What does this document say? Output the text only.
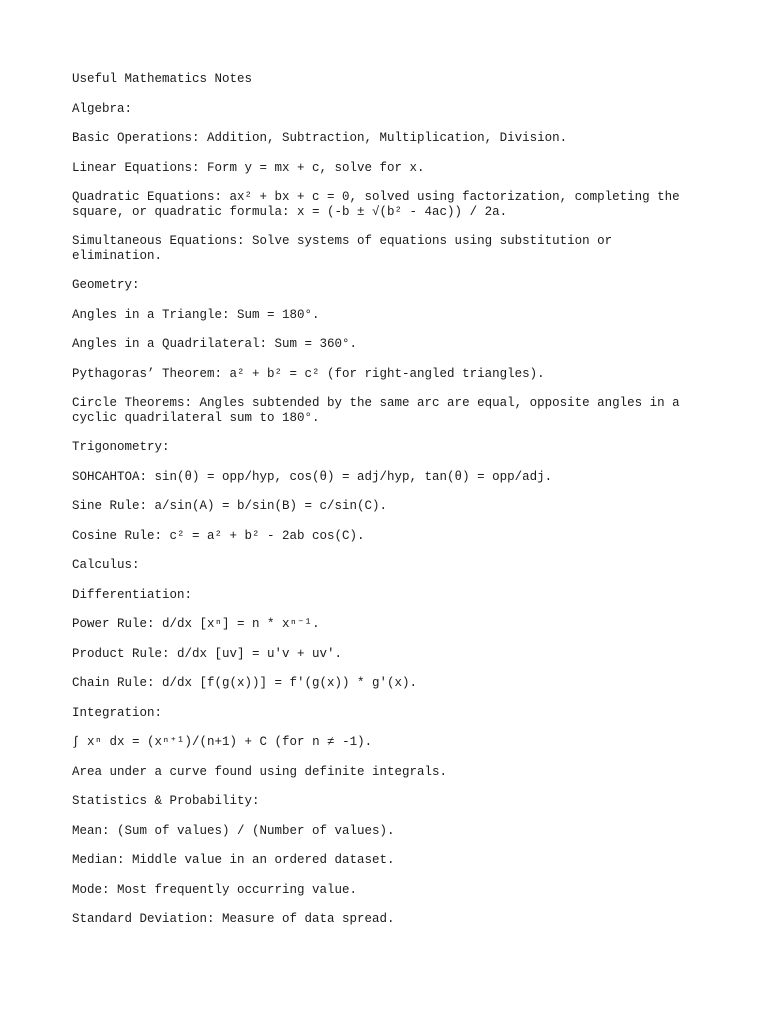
Useful Mathematics Notes

Algebra:

Basic Operations: Addition, Subtraction, Multiplication, Division.

Linear Equations: Form y = mx + c, solve for x.

Quadratic Equations: ax² + bx + c = 0, solved using factorization, completing the square, or quadratic formula: x = (-b ± √(b² - 4ac)) / 2a.

Simultaneous Equations: Solve systems of equations using substitution or elimination.

Geometry:

Angles in a Triangle: Sum = 180°.

Angles in a Quadrilateral: Sum = 360°.

Pythagoras’ Theorem: a² + b² = c² (for right-angled triangles).

Circle Theorems: Angles subtended by the same arc are equal, opposite angles in a cyclic quadrilateral sum to 180°.

Trigonometry:

SOHCAHTOA: sin(θ) = opp/hyp, cos(θ) = adj/hyp, tan(θ) = opp/adj.

Sine Rule: a/sin(A) = b/sin(B) = c/sin(C).

Cosine Rule: c² = a² + b² - 2ab cos(C).

Calculus:

Differentiation:

Power Rule: d/dx [xⁿ] = n * xⁿ⁻¹.

Product Rule: d/dx [uv] = u'v + uv'.

Chain Rule: d/dx [f(g(x))] = f'(g(x)) * g'(x).

Integration:

∫ xⁿ dx = (xⁿ⁺¹)/(n+1) + C (for n ≠ -1).

Area under a curve found using definite integrals.

Statistics & Probability:

Mean: (Sum of values) / (Number of values).

Median: Middle value in an ordered dataset.

Mode: Most frequently occurring value.

Standard Deviation: Measure of data spread.
